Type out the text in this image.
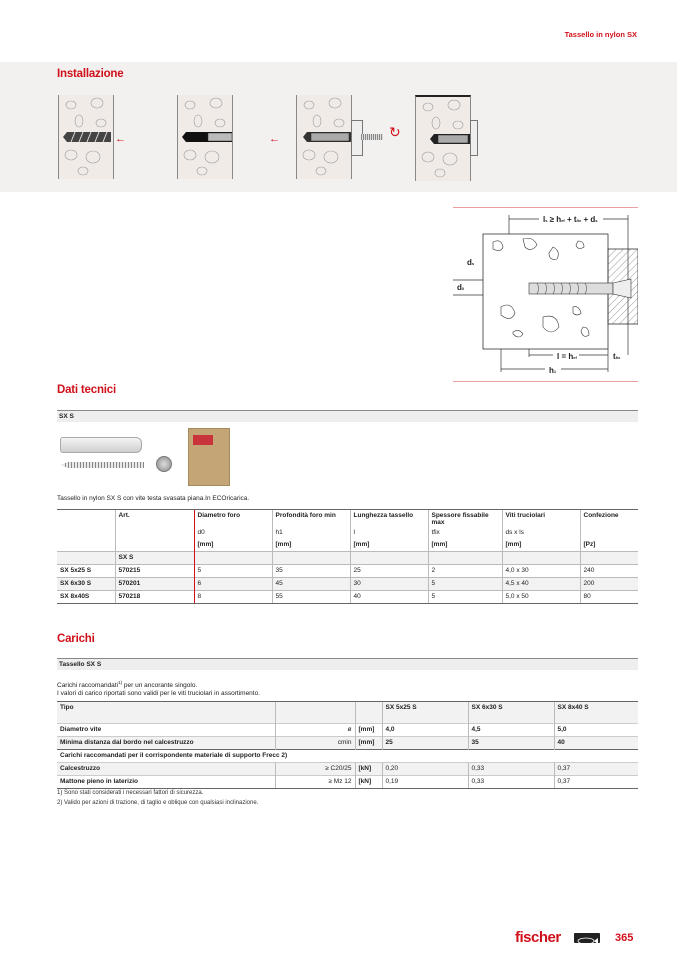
Tassello in nylon SX
Installazione
←	←	↻
ls ≥ hef + tfix + ds
ds
d0
l = hef	tfix
h1
Dati tecnici
SX S
Tassello in nylon SX S con vite testa svasata piana.In ECOricarica.
	Art.	Diametro foro	Profondità foro min	Lunghezza tassello	Spessore fissabile max	Viti truciolari	Confezione
		d0	h1	l	tfix	ds x ls	
		[mm]	[mm]	[mm]	[mm]	[mm]	[Pz]
	SX S						
SX 5x25 S	570215	5	35	25	2	4,0 x 30	240
SX 6x30 S	570201	6	45	30	5	4,5 x 40	200
SX 8x40S	570218	8	55	40	5	5,0 x 50	80
Carichi
Tassello SX S
Carichi raccomandati$^{1)}$ per un ancorante singolo.
I valori di carico riportati sono validi per le viti truciolari in assortimento.
Tipo			SX 5x25 S	SX 6x30 S	SX 8x40 S
Diametro vite	ø	[mm]	4,0	4,5	5,0
Minima distanza dal bordo nel calcestruzzo	cmin	[mm]	25	35	40
Carichi raccomandati per il corrispondente materiale di supporto Frecc 2)					
Calcestruzzo	≥ C20/25	[kN]	0,20	0,33	0,37
Mattone pieno in laterizio	≥ Mz 12	[kN]	0,19	0,33	0,37
1) Sono stati considerati i necessari fattori di sicurezza.
2) Valido per azioni di trazione, di taglio e oblique con qualsiasi inclinazione.
fischer	365
